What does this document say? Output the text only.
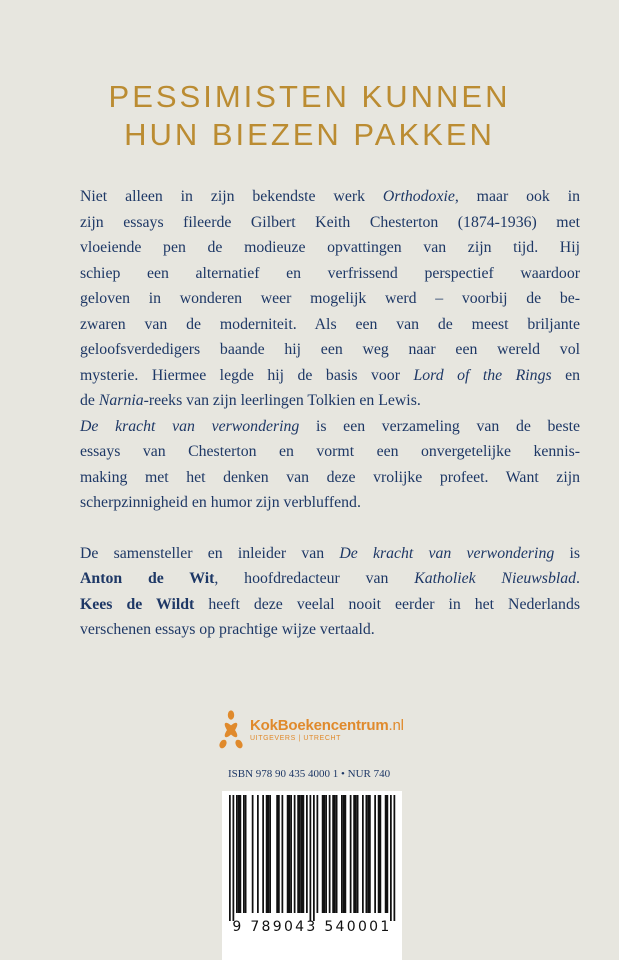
PESSIMISTEN KUNNEN
HUN BIEZEN PAKKEN

Niet alleen in zijn bekendste werk Orthodoxie, maar ook in
zijn essays fileerde Gilbert Keith Chesterton (1874-1936) met
vloeiende pen de modieuze opvattingen van zijn tijd. Hij
schiep een alternatief en verfrissend perspectief waardoor
geloven in wonderen weer mogelijk werd – voorbij de be-
zwaren van de moderniteit. Als een van de meest briljante
geloofsverdedigers baande hij een weg naar een wereld vol
mysterie. Hiermee legde hij de basis voor Lord of the Rings en
de Narnia-reeks van zijn leerlingen Tolkien en Lewis.
De kracht van verwondering is een verzameling van de beste
essays van Chesterton en vormt een onvergetelijke kennis-
making met het denken van deze vrolijke profeet. Want zijn
scherpzinnigheid en humor zijn verbluffend.

De samensteller en inleider van De kracht van verwondering is
Anton de Wit, hoofdredacteur van Katholiek Nieuwsblad.
Kees de Wildt heeft deze veelal nooit eerder in het Nederlands
verschenen essays op prachtige wijze vertaald.

KokBoekencentrum.nl
UITGEVERS | UTRECHT
ISBN 978 90 435 4000 1 • NUR 740
9 789043 540001
